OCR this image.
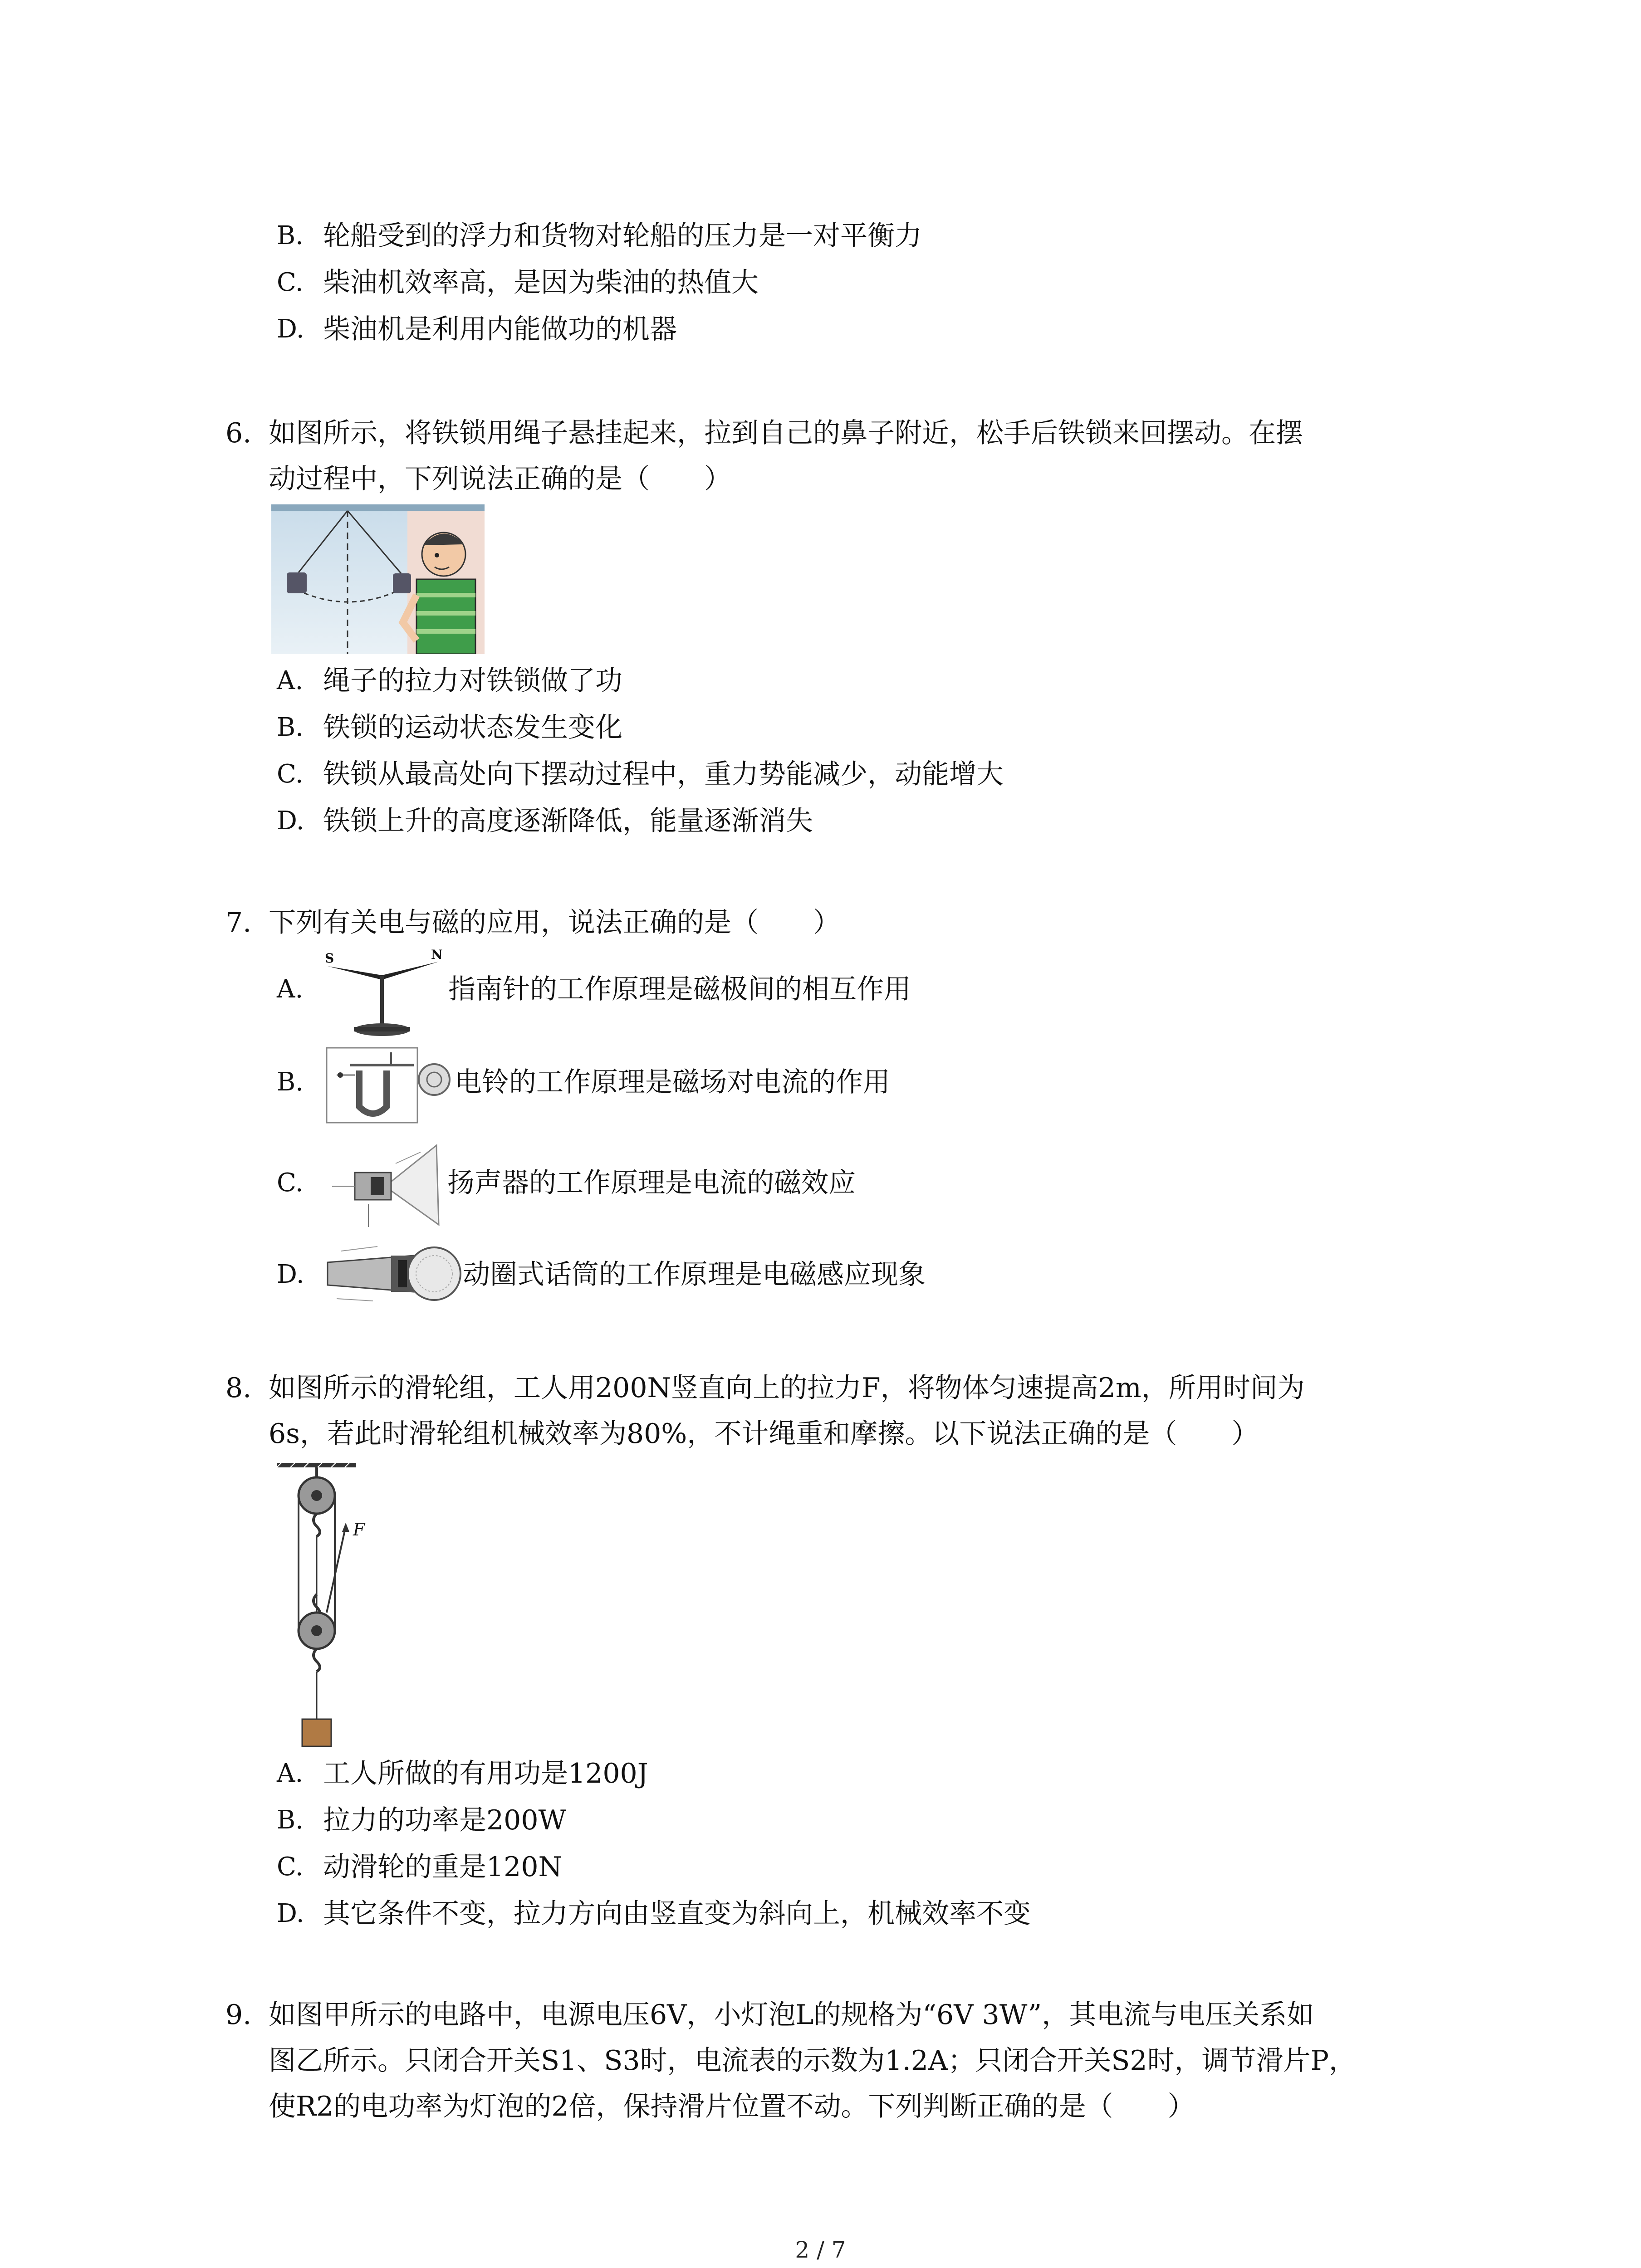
B. 轮船受到的浮力和货物对轮船的压力是一对平衡力
C. 柴油机效率高，是因为柴油的热值大
D. 柴油机是利用内能做功的机器
6. 如图所示，将铁锁用绳子悬挂起来，拉到自己的鼻子附近，松手后铁锁来回摆动。在摆
动过程中，下列说法正确的是（　　）
A. 绳子的拉力对铁锁做了功
B. 铁锁的运动状态发生变化
C. 铁锁从最高处向下摆动过程中，重力势能减少，动能增大
D. 铁锁上升的高度逐渐降低，能量逐渐消失
7. 下列有关电与磁的应用，说法正确的是（　　）
A.
S	N
指南针的工作原理是磁极间的相互作用
B.	电铃的工作原理是磁场对电流的作用
C.	扬声器的工作原理是电流的磁效应
D.	动圈式话筒的工作原理是电磁感应现象
8. 如图所示的滑轮组，工人用200N竖直向上的拉力F，将物体匀速提高2m，所用时间为
6s，若此时滑轮组机械效率为80%，不计绳重和摩擦。以下说法正确的是（　　）
F
A. 工人所做的有用功是1200J
B. 拉力的功率是200W
C. 动滑轮的重是120N
D. 其它条件不变，拉力方向由竖直变为斜向上，机械效率不变
9. 如图甲所示的电路中，电源电压6V，小灯泡L的规格为“6V 3W”，其电流与电压关系如
图乙所示。只闭合开关S1、S3时，电流表的示数为1.2A；只闭合开关S2时，调节滑片P，
使R2的电功率为灯泡的2倍，保持滑片位置不动。下列判断正确的是（　　）
2 / 7
